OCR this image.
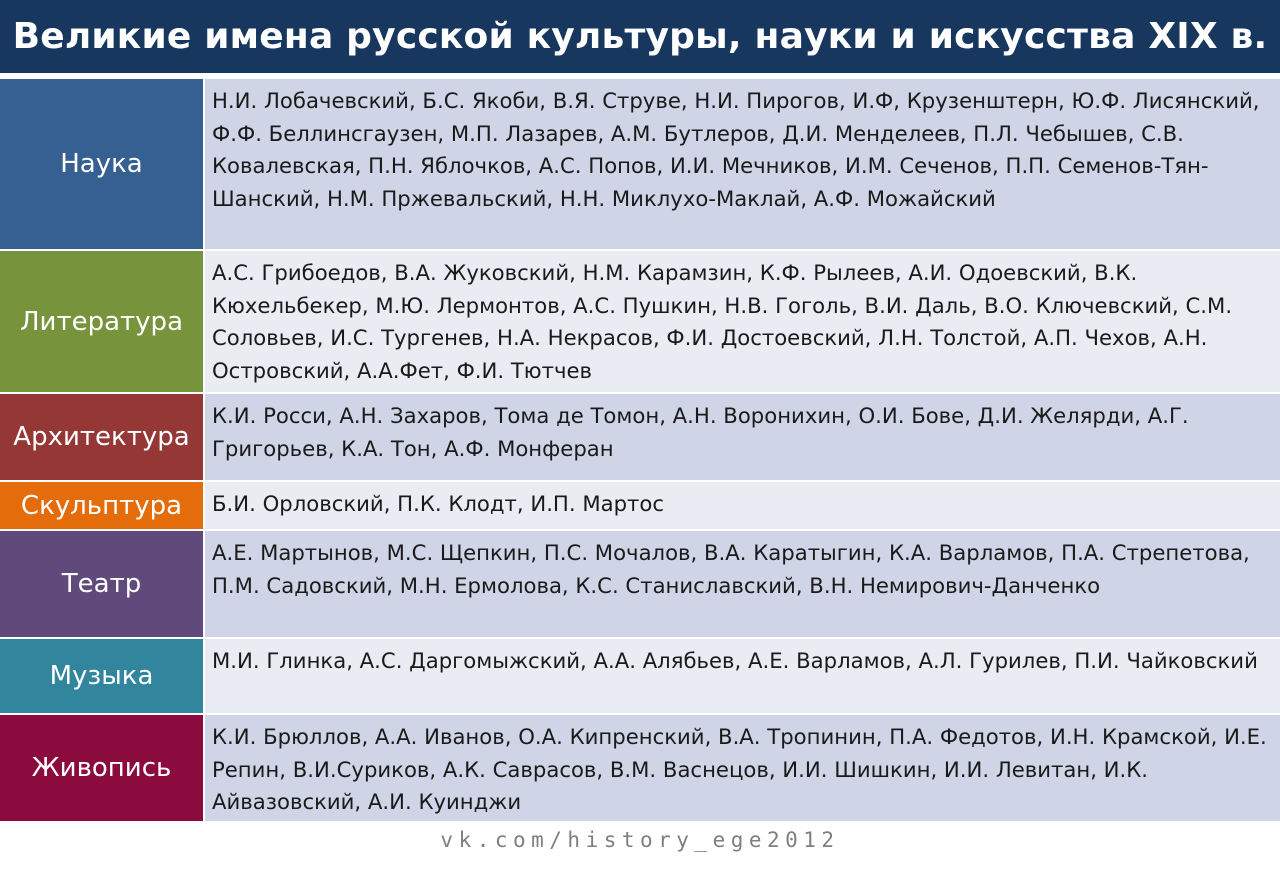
Великие имена русской культуры, науки и искусства XIX в.
Наука
Н.И. Лобачевский, Б.С. Якоби, В.Я. Струве, Н.И. Пирогов, И.Ф, Крузенштерн, Ю.Ф. Лисянский, Ф.Ф. Беллинсгаузен, М.П. Лазарев, А.М. Бутлеров, Д.И. Менделеев, П.Л. Чебышев, С.В. Ковалевская, П.Н. Яблочков, А.С. Попов, И.И. Мечников, И.М. Сеченов, П.П. Семенов-Тян-Шанский, Н.М. Пржевальский, Н.Н. Миклухо-Маклай, А.Ф. Можайский
Литература
А.С. Грибоедов, В.А. Жуковский, Н.М. Карамзин, К.Ф. Рылеев, А.И. Одоевский, В.К. Кюхельбекер, М.Ю. Лермонтов, А.С. Пушкин, Н.В. Гоголь, В.И. Даль, В.О. Ключевский, С.М. Соловьев, И.С. Тургенев, Н.А. Некрасов, Ф.И. Достоевский, Л.Н. Толстой, А.П. Чехов, А.Н. Островский, А.А.Фет, Ф.И. Тютчев
Архитектура
К.И. Росси, А.Н. Захаров, Тома де Томон, А.Н. Воронихин, О.И. Бове, Д.И. Желярди, А.Г. Григорьев, К.А. Тон, А.Ф. Монферан
Скульптура	Б.И. Орловский, П.К. Клодт, И.П. Мартос
Театр
А.Е. Мартынов, М.С. Щепкин, П.С. Мочалов, В.А. Каратыгин, К.А. Варламов, П.А. Стрепетова, П.М. Садовский, М.Н. Ермолова, К.С. Станиславский, В.Н. Немирович-Данченко
Музыка
М.И. Глинка, А.С. Даргомыжский, А.А. Алябьев, А.Е. Варламов, А.Л. Гурилев, П.И. Чайковский
Живопись
К.И. Брюллов, А.А. Иванов, О.А. Кипренский, В.А. Тропинин, П.А. Федотов, И.Н. Крамской, И.Е. Репин, В.И.Суриков, А.К. Саврасов, В.М. Васнецов, И.И. Шишкин, И.И. Левитан, И.К. Айвазовский, А.И. Куинджи
vk.com/history_ege2012
